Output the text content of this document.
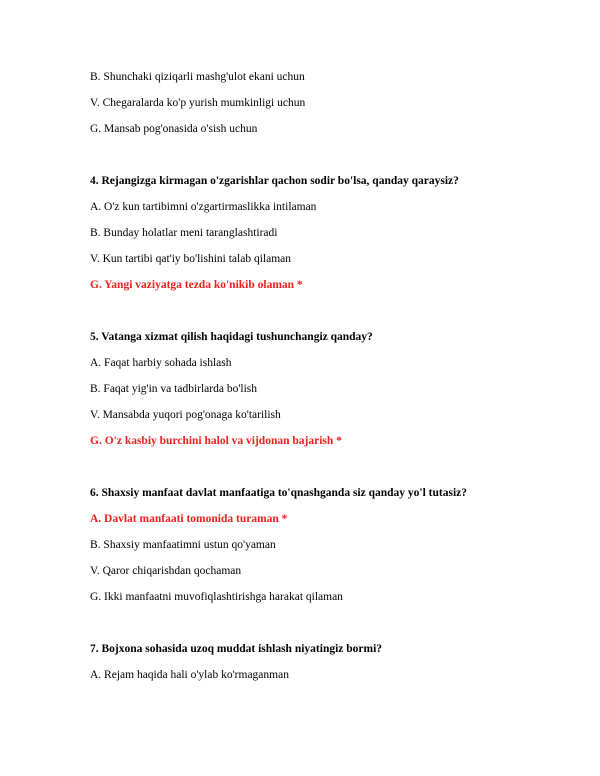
B. Shunchaki qiziqarli mashg'ulot ekani uchun

V. Chegaralarda ko'p yurish mumkinligi uchun

G. Mansab pog'onasida o'sish uchun

4. Rejangizga kirmagan o'zgarishlar qachon sodir bo'lsa, qanday qaraysiz?

A. O'z kun tartibimni o'zgartirmaslikka intilaman

B. Bunday holatlar meni taranglashtiradi

V. Kun tartibi qat'iy bo'lishini talab qilaman

G. Yangi vaziyatga tezda ko'nikib olaman *

5. Vatanga xizmat qilish haqidagi tushunchangiz qanday?

A. Faqat harbiy sohada ishlash

B. Faqat yig'in va tadbirlarda bo'lish

V. Mansabda yuqori pog'onaga ko'tarilish

G. O'z kasbiy burchini halol va vijdonan bajarish *

6. Shaxsiy manfaat davlat manfaatiga to'qnashganda siz qanday yo'l tutasiz?

A. Davlat manfaati tomonida turaman *

B. Shaxsiy manfaatimni ustun qo'yaman

V. Qaror chiqarishdan qochaman

G. Ikki manfaatni muvofiqlashtirishga harakat qilaman

7. Bojxona sohasida uzoq muddat ishlash niyatingiz bormi?

A. Rejam haqida hali o'ylab ko'rmaganman
